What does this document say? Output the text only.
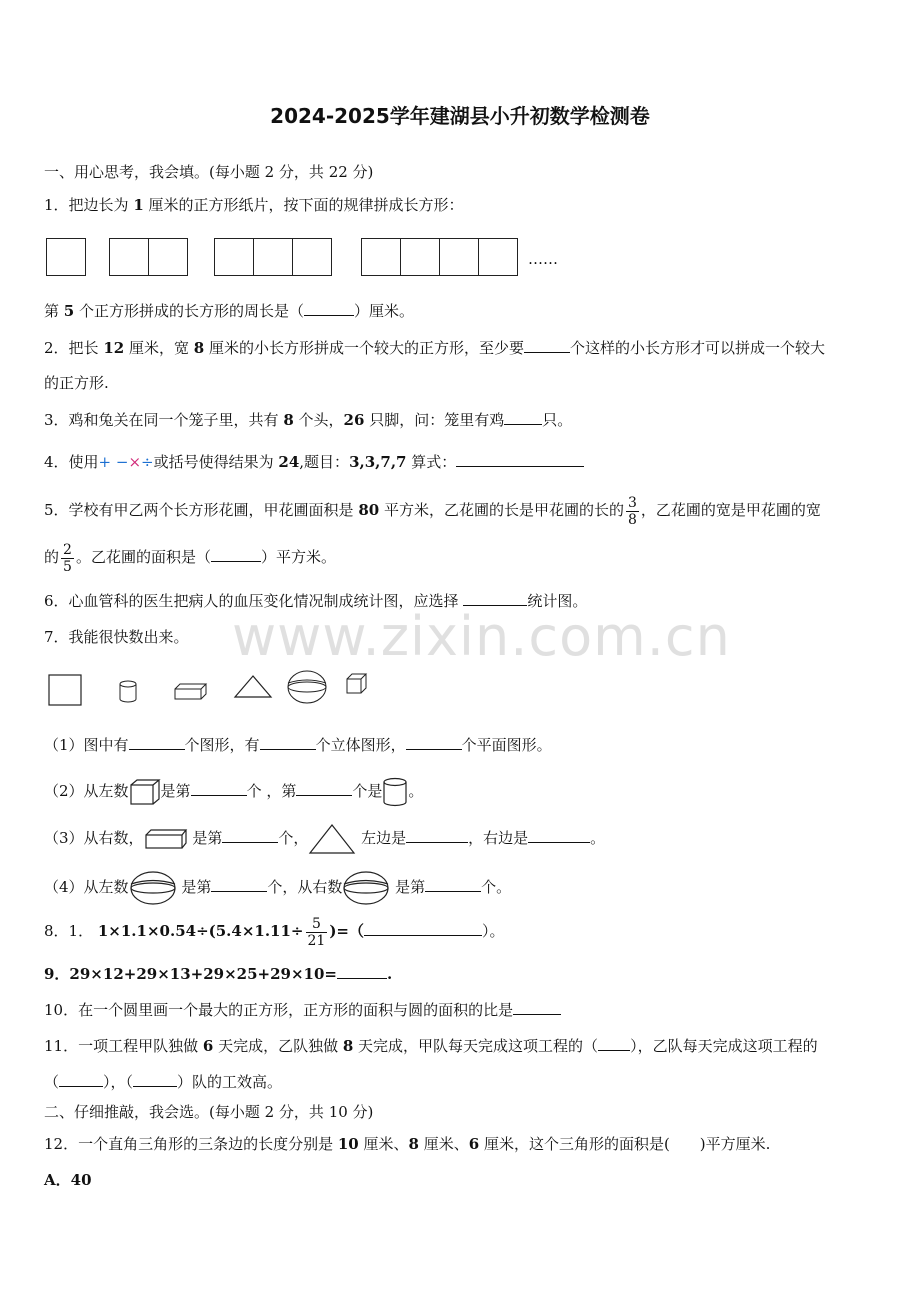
www.zixin.com.cn
2024-2025学年建湖县小升初数学检测卷
一、用心思考，我会填。(每小题 2 分，共 22 分)
1．把边长为 1 厘米的正方形纸片，按下面的规律拼成长方形：
……
第 5 个正方形拼成的长方形的周长是（	）厘米。
2．把长 12 厘米，宽 8 厘米的小长方形拼成一个较大的正方形，至少要	个这样的小长方形才可以拼成一个较大
的正方形.
3．鸡和兔关在同一个笼子里，共有 8 个头，26 只脚，问：笼里有鸡	只。
4．使用+ −×÷或括号使得结果为 24,题目：3,3,7,7 算式：
5．学校有甲乙两个长方形花圃，甲花圃面积是 80 平方米，乙花圃的长是甲花圃的长的 $\frac{3}{8}$ ，乙花圃的宽是甲花圃的宽
的 $\frac{2}{5}$ 。乙花圃的面积是（	）平方米。
6．心血管科的医生把病人的血压变化情况制成统计图，应选择	统计图。
7．我能很快数出来。
（1）图中有	个图形，有	个立体图形，	个平面图形。
（2）从左数 是第	个 ，第	个是 。
（3）从右数，	是第	个，	左边是	，右边是	。
（4）从左数	是第	个，从右数	是第	个。
8．1． $1\times 1.1\times 0.54\div(5.4\times 1.11\div \frac{5}{21}$ )=（	）。
9．29×12+29×13+29×25+29×10=	.
10．在一个圆里画一个最大的正方形，正方形的面积与圆的面积的比是
11．一项工程甲队独做 6 天完成，乙队独做 8 天完成，甲队每天完成这项工程的（ ），乙队每天完成这项工程的
（	），（	）队的工效高。
二、仔细推敲，我会选。(每小题 2 分，共 10 分)
12．一个直角三角形的三条边的长度分别是 10 厘米、8 厘米、6 厘米，这个三角形的面积是( )平方厘米.
A．40
